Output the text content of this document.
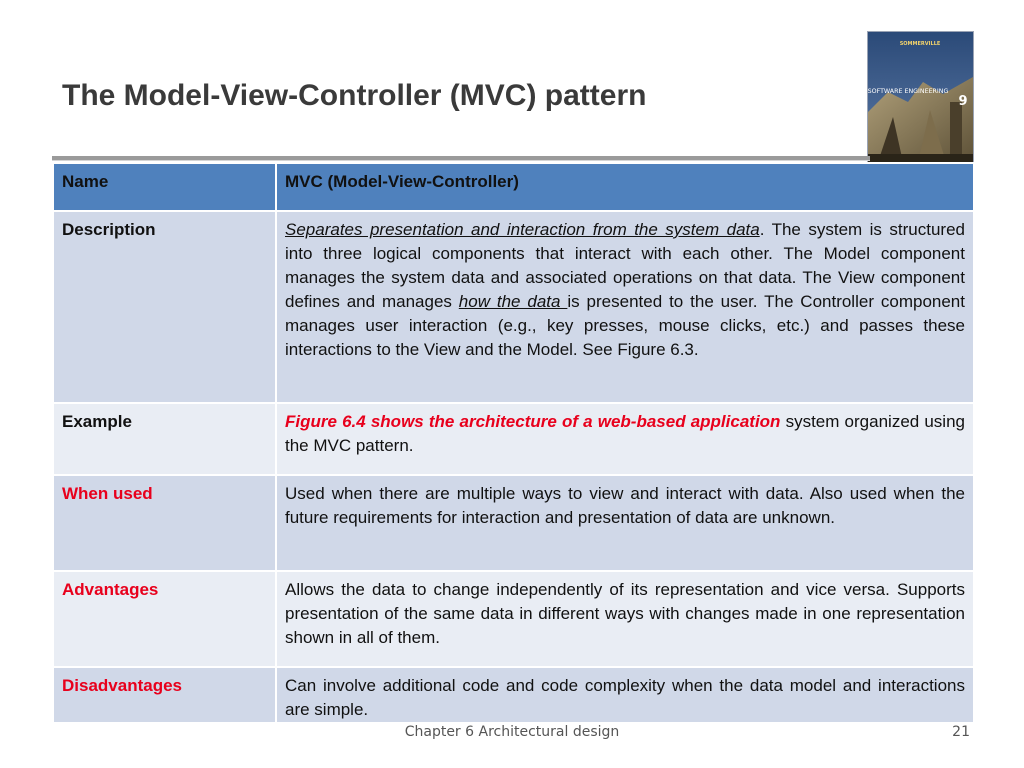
The Model-View-Controller (MVC) pattern
SOMMERVILLE
SOFTWARE ENGINEERING
9
Name	MVC (Model-View-Controller)
Description	Separates presentation and interaction from the system data. The system is structured into three logical components that interact with each other. The Model component manages the system data and associated operations on that data. The View component defines and manages how the data is presented to the user. The Controller component manages user interaction (e.g., key presses, mouse clicks, etc.) and passes these interactions to the View and the Model. See Figure 6.3.
Example	Figure 6.4 shows the architecture of a web-based application system organized using the MVC pattern.
When used	Used when there are multiple ways to view and interact with data. Also used when the future requirements for interaction and presentation of data are unknown.
Advantages	Allows the data to change independently of its representation and vice versa. Supports presentation of the same data in different ways with changes made in one representation shown in all of them.
Disadvantages	Can involve additional code and code complexity when the data model and interactions are simple.
Chapter 6 Architectural design	21
